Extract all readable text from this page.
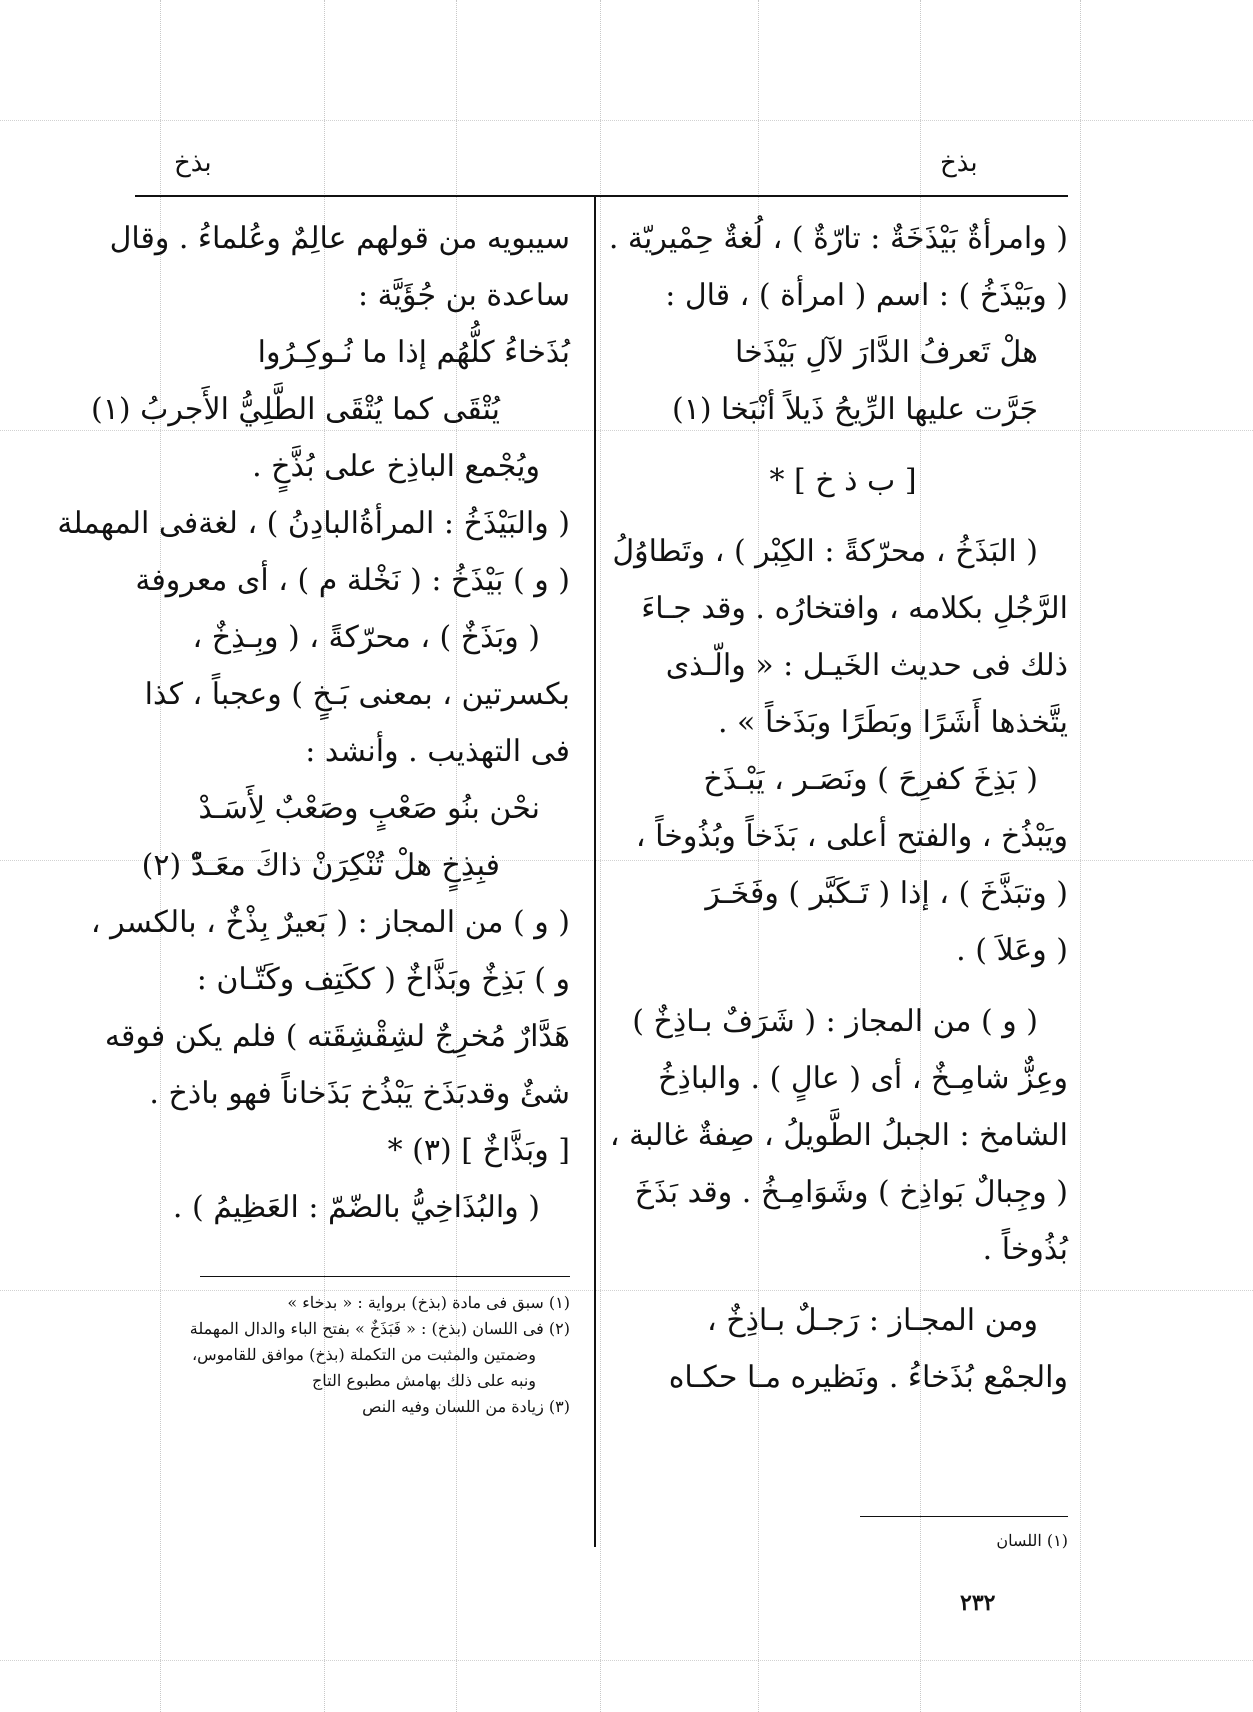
بذخ
بذخ
( وامرأةٌ بَيْذَخَةٌ : تارّةٌ ) ، لُغةٌ حِمْيريّة .
( وبَيْذَخُ ) : اسم ( امرأة ) ، قال :
هلْ تَعرفُ الدَّارَ لآلِ بَيْذَخا
جَرَّت عليها الرِّيحُ ذَيلاً أنْبَخا (١)
[ ب ذ خ ] *
( البَذَخُ ، محرّكةً : الكِبْر ) ، وتَطاوُلُ
الرَّجُلِ بكلامه ، وافتخارُه . وقد جـاءَ
ذلك فى حديث الخَيـل : « والّـذى
يتَّخذها أَشَرًا وبَطَرًا وبَذَخاً » .
( بَذِخَ كفرِحَ ) ونَصَـر ، يَبْـذَخ
ويَبْذُخ ، والفتح أعلى ، بَذَخاً وبُذُوخاً ،
( وتبَذَّخَ ) ، إذا ( تَـكَبَّر ) وفَخَـرَ
( وعَلاَ ) .
( و ) من المجاز : ( شَرَفٌ بـاذِخٌ )
وعِزٌّ شامِـخٌ ، أى ( عالٍ ) . والباذِخُ
الشامخ : الجبلُ الطَّويلُ ، صِفةٌ غالبة ،
( وجِبالٌ بَواذِخ ) وشَوَامِـخُ . وقد بَذَخَ
بُذُوخاً .
ومن المجـاز : رَجـلٌ بـاذِخٌ ،
والجمْع بُذَخاءُ . ونَظيره مـا حكـاه
(١) اللسان
سيبويه من قولهم عالِمٌ وعُلماءُ . وقال
ساعدة بن جُؤَيَّة :
بُذَخاءُ كلُّهُم إذا ما نُـوكِـرُوا
يُتْقَى كما يُتْقَى الطَّلِيُّ الأَجربُ (١)
ويُجْمع الباذِخ على بُذَّخٍ .
( والبَيْذَخُ : المرأةُالبادِنُ ) ، لغةفى المهملة
( و ) بَيْذَخُ : ( نَخْلة م ) ، أى معروفة
( وبَذَخٌ ) ، محرّكةً ، ( وبِـذِخٌ ،
بكسرتين ، بمعنى بَـخٍ ) وعجباً ، كذا
فى التهذيب . وأنشد :
نحْن بنُو صَعْبٍ وصَعْبٌ لِأَسَـدْ
فبِذِخٍ هلْ تُنْكِرَنْ ذاكَ معَـدّْ (٢)
( و ) من المجاز : ( بَعيرٌ بِذْخٌ ، بالكسر ،
و ) بَذِخٌ وبَذَّاخٌ ( ككَتِف وكَتّـان :
هَدَّارٌ مُخرِجٌ لشِقْشِقَته ) فلم يكن فوقه
شئٌ وقدبَذَخ يَبْذُخ بَذَخاناً فهو باذخ .
[ وبَذَّاخٌ ] (٣) *
( والبُذَاخِيُّ بالضّمّ : العَظِيمُ ) .
(١) سبق فى مادة (بذخ) برواية : « بدخاء »
(٢) فى اللسان (بذخ) : « فَبَذَخٌ » بفتح الباء والدال المهملة
وضمتين والمثبت من التكملة (بذخ) موافق للقاموس،
ونبه على ذلك بهامش مطبوع التاج
(٣) زيادة من اللسان وفيه النص
٢٣٢
